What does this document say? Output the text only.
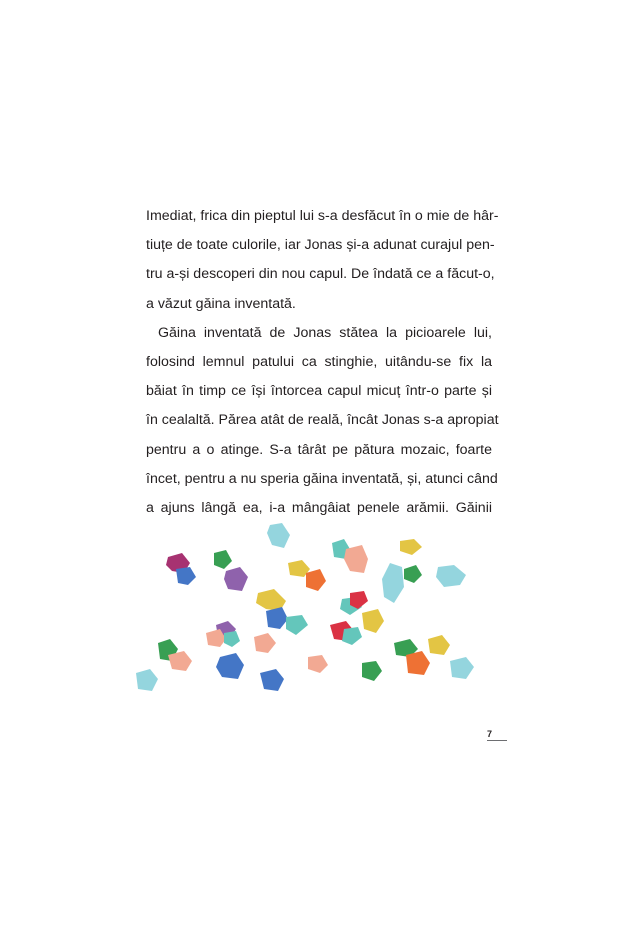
Imediat, frica din pieptul lui s-a desfăcut în o mie de hâr-
tiuțe de toate culorile, iar Jonas și-a adunat curajul pen-
tru a-și descoperi din nou capul. De îndată ce a făcut-o,
a văzut găina inventată.
Găina inventată de Jonas stătea la picioarele lui,
folosind lemnul patului ca stinghie, uitându-se fix la
băiat în timp ce își întorcea capul micuț într-o parte și
în cealaltă. Părea atât de reală, încât Jonas s-a apropiat
pentru a o atinge. S-a târât pe pătura mozaic, foarte
încet, pentru a nu speria găina inventată, și, atunci când
a ajuns lângă ea, i-a mângâiat penele arămii. Găinii
7
